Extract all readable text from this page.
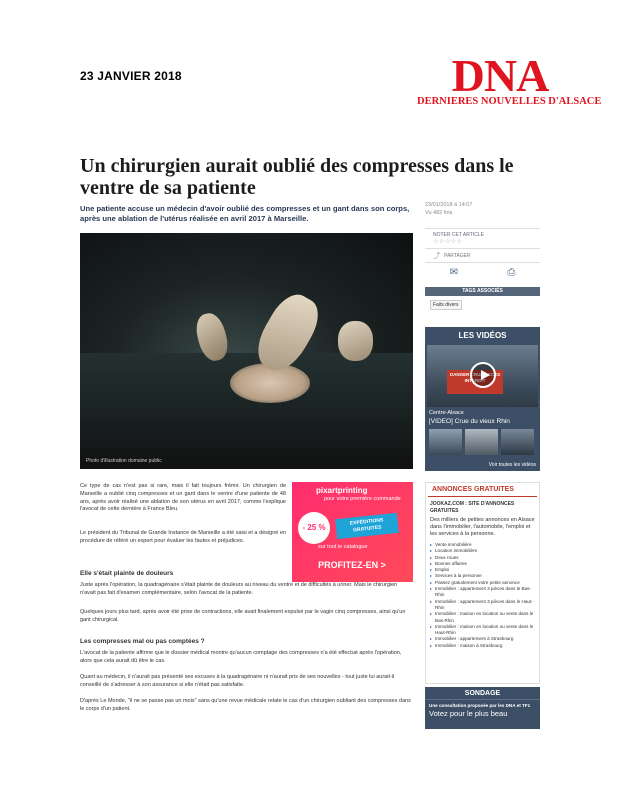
23 JANVIER 2018	DNA
DERNIERES NOUVELLES D'ALSACE
Un chirurgien aurait oublié des compresses dans le ventre de sa patiente

Une patiente accuse un médecin d'avoir oublié des compresses et un gant dans son corps, après une ablation de l'utérus réalisée en avril 2017 à Marseille.

23/01/2018 à 14:07
Vu 482 fois
NOTER CET ARTICLE
☆☆☆☆☆
⤴ PARTAGER
✉	⎙
TAGS ASSOCIÉS
Faits divers
Photo d'illustration domaine public
LES VIDÉOS
DANGER CRUE ACCÈS INTERDIT
Centre-Alsace
[VIDEO] Crue du vieux Rhin
Voir toutes les vidéos

Ce type de cas n'est pas si rare, mais il fait toujours frémir. Un chirurgien de Marseille a oublié cinq compresses et un gant dans le ventre d'une patiente de 48 ans, après avoir réalisé une ablation de son utérus en avril 2017, comme l'explique l'avocat de cette dernière à France Bleu.

Le président du Tribunal de Grande Instance de Marseille a été saisi et a désigné en procédure de référé un expert pour évaluer les fautes et préjudices.

pixartprinting
pour votre première commande
- 25 %
EXPÉDITIONS GRATUITES
sur tout le catalogue
PROFITEZ-EN >
Elle s'était plainte de douleurs

Juste après l'opération, la quadragénaire s'était plainte de douleurs au niveau du ventre et de difficultés à uriner. Mais le chirurgien n'avait pas fait d'examen complémentaire, selon l'avocat de la patiente.

Quelques jours plus tard, après avoir été prise de contractions, elle avait finalement expulsé par le vagin cinq compresses, ainsi qu'un gant chirurgical.

Les compresses mal ou pas comptées ?

L'avocat de la patiente affirme que le dossier médical montre qu'aucun comptage des compresses n'a été effectué après l'opération, alors que cela aurait dû être le cas.

Quant au médecin, il n'aurait pas présenté ses excuses à la quadragénaire ni n'aurait pris de ses nouvelles - tout juste lui aurait-il conseillé de s'adresser à son assurance si elle n'était pas satisfaite.

D'après Le Monde, "il ne se passe pas un mois" sans qu'une revue médicale relate le cas d'un chirurgien oubliant des compresses dans le corps d'un patient.

ANNONCES GRATUITES
JOOKAZ.COM : SITE D'ANNONCES GRATUITES
Des milliers de petites annonces en Alsace dans l'immobilier, l'automobile, l'emploi et les services à la personne.
▸ Vente immobilière
▸ Location immobilière
▸ Deux roues
▸ Bonnes affaires
▸ Emploi
▸ Services à la personne
▸ Passez gratuitement votre petite annonce
▸ Immobilier : appartement 3 pièces dans le Bas-Rhin
▸ Immobilier : appartement 3 pièces dans le Haut-Rhin
▸ Immobilier : maison en location ou vente dans le Bas-Rhin
▸ Immobilier : maison en location ou vente dans le Haut-Rhin
▸ Immobilier : appartement à Strasbourg
▸ Immobilier : maison à Strasbourg
SONDAGE
Une consultation proposée par les DNA et TF1
Votez pour le plus beau
